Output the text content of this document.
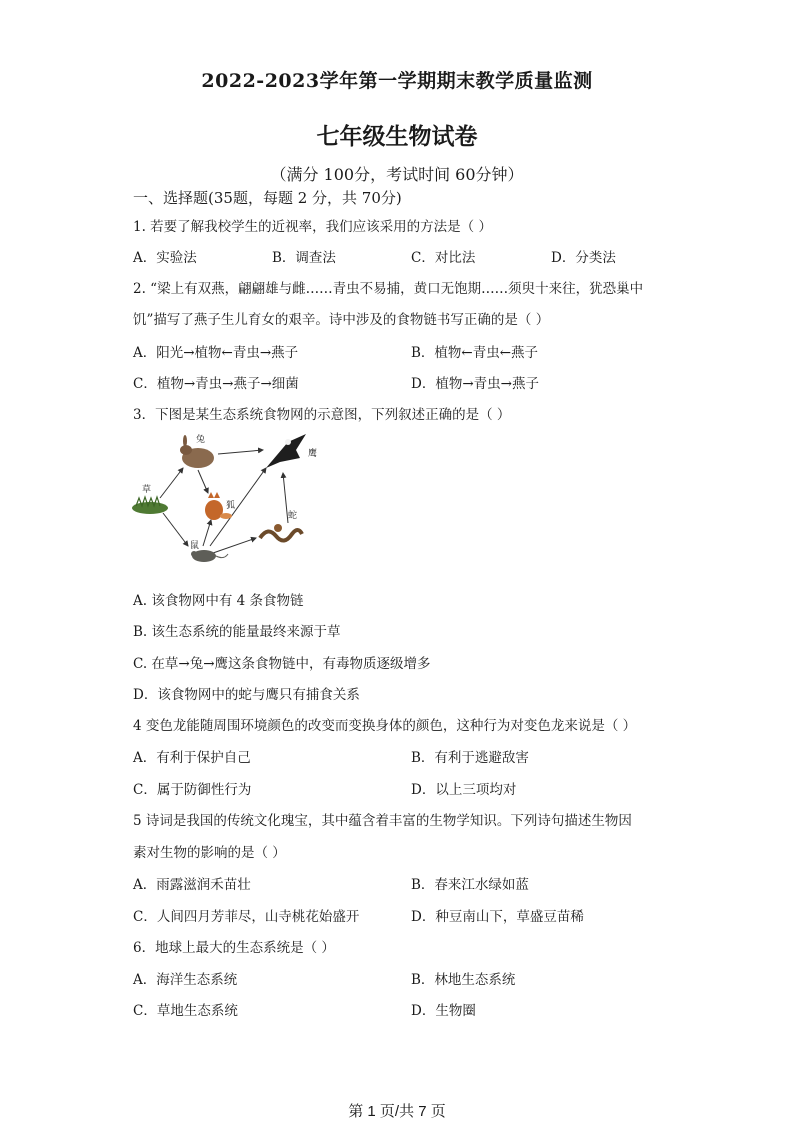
2022-2023学年第一学期期末教学质量监测
七年级生物试卷
（满分 100分，考试时间 60分钟）
一、选择题(35题，每题 2 分，共 70分)
1. 若要了解我校学生的近视率，我们应该采用的方法是（ ）
A．实验法	B．调查法	C．对比法	D．分类法
2. “梁上有双燕，翩翩雄与雌……青虫不易捕，黄口无饱期……须臾十来往，犹恐巢中
饥”描写了燕子生儿育女的艰辛。诗中涉及的食物链书写正确的是（ ）
A．阳光→植物←青虫→燕子	B．植物←青虫←燕子
C．植物→青虫→燕子→细菌	D．植物→青虫→燕子
3．下图是某生态系统食物网的示意图，下列叙述正确的是（ ）
兔
鹰
草
狐
蛇
鼠
A. 该食物网中有 4 条食物链
B. 该生态系统的能量最终来源于草
C. 在草→兔→鹰这条食物链中，有毒物质逐级增多
D．该食物网中的蛇与鹰只有捕食关系
4 变色龙能随周围环境颜色的改变而变换身体的颜色，这种行为对变色龙来说是（ ）
A．有利于保护自己	B．有利于逃避敌害
C．属于防御性行为	D．以上三项均对
5 诗词是我国的传统文化瑰宝，其中蕴含着丰富的生物学知识。下列诗句描述生物因
素对生物的影响的是（ ）
A．雨露滋润禾苗壮	B．春来江水绿如蓝
C．人间四月芳菲尽，山寺桃花始盛开	D．种豆南山下，草盛豆苗稀
6．地球上最大的生态系统是（ ）
A．海洋生态系统	B．林地生态系统
C．草地生态系统	D．生物圈
第 1 页/共 7 页
